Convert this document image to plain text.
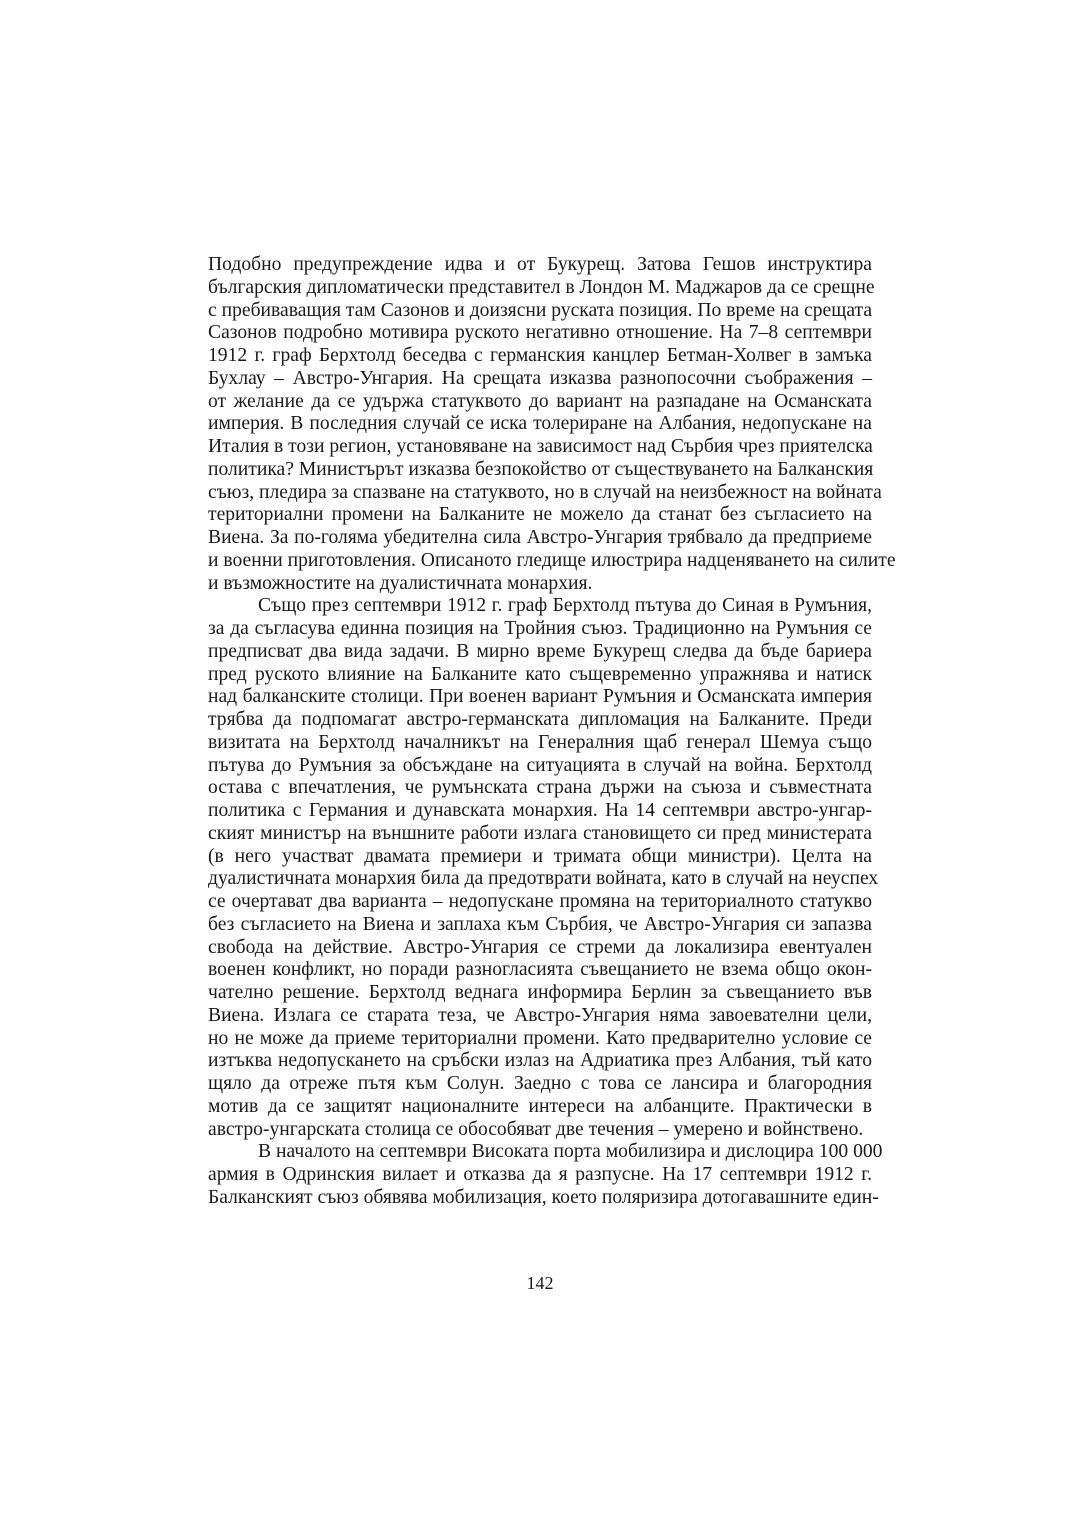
Подобно предупреждение идва и от Букурещ. Затова Гешов инструктира
българския дипломатически представител в Лондон М. Маджаров да се срещне
с пребиваващия там Сазонов и доизясни руската позиция. По време на срещата
Сазонов подробно мотивира руското негативно отношение. На 7–8 септември
1912 г. граф Берхтолд беседва с германския канцлер Бетман-Холвег в замъка
Бухлау – Австро-Унгария. На срещата изказва разнопосочни съображения –
от желание да се удържа статуквото до вариант на разпадане на Османската
империя. В последния случай се иска толериране на Албания, недопускане на
Италия в този регион, установяване на зависимост над Сърбия чрез приятелска
политика? Министърът изказва безпокойство от съществуването на Балканския
съюз, пледира за спазване на статуквото, но в случай на неизбежност на войната
териториални промени на Балканите не можело да станат без съгласието на
Виена. За по-голяма убедителна сила Австро-Унгария трябвало да предприеме
и военни приготовления. Описаното гледище илюстрира надценяването на силите
и възможностите на дуалистичната монархия.
Също през септември 1912 г. граф Берхтолд пътува до Синая в Румъния,
за да съгласува единна позиция на Тройния съюз. Традиционно на Румъния се
предписват два вида задачи. В мирно време Букурещ следва да бъде бариера
пред руското влияние на Балканите като същевременно упражнява и натиск
над балканските столици. При военен вариант Румъния и Османската империя
трябва да подпомагат австро-германската дипломация на Балканите. Преди
визитата на Берхтолд началникът на Генералния щаб генерал Шемуа също
пътува до Румъния за обсъждане на ситуацията в случай на война. Берхтолд
остава с впечатления, че румънската страна държи на съюза и съвместната
политика с Германия и дунавската монархия. На 14 септември австро-унгар-
ският министър на външните работи излага становището си пред министерата
(в него участват двамата премиери и тримата общи министри). Целта на
дуалистичната монархия била да предотврати войната, като в случай на неуспех
се очертават два варианта – недопускане промяна на териториалното статукво
без съгласието на Виена и заплаха към Сърбия, че Австро-Унгария си запазва
свобода на действие. Австро-Унгария се стреми да локализира евентуален
военен конфликт, но поради разногласията съвещанието не взема общо окон-
чателно решение. Берхтолд веднага информира Берлин за съвещанието във
Виена. Излага се старата теза, че Австро-Унгария няма завоевателни цели,
но не може да приеме териториални промени. Като предварително условие се
изтъква недопускането на сръбски излаз на Адриатика през Албания, тъй като
щяло да отреже пътя към Солун. Заедно с това се лансира и благородния
мотив да се защитят националните интереси на албанците. Практически в
австро-унгарската столица се обособяват две течения – умерено и войнствено.
В началото на септември Високата порта мобилизира и дислоцира 100 000
армия в Одринския вилает и отказва да я разпусне. На 17 септември 1912 г.
Балканският съюз обявява мобилизация, което поляризира дотогавашните един-
142
